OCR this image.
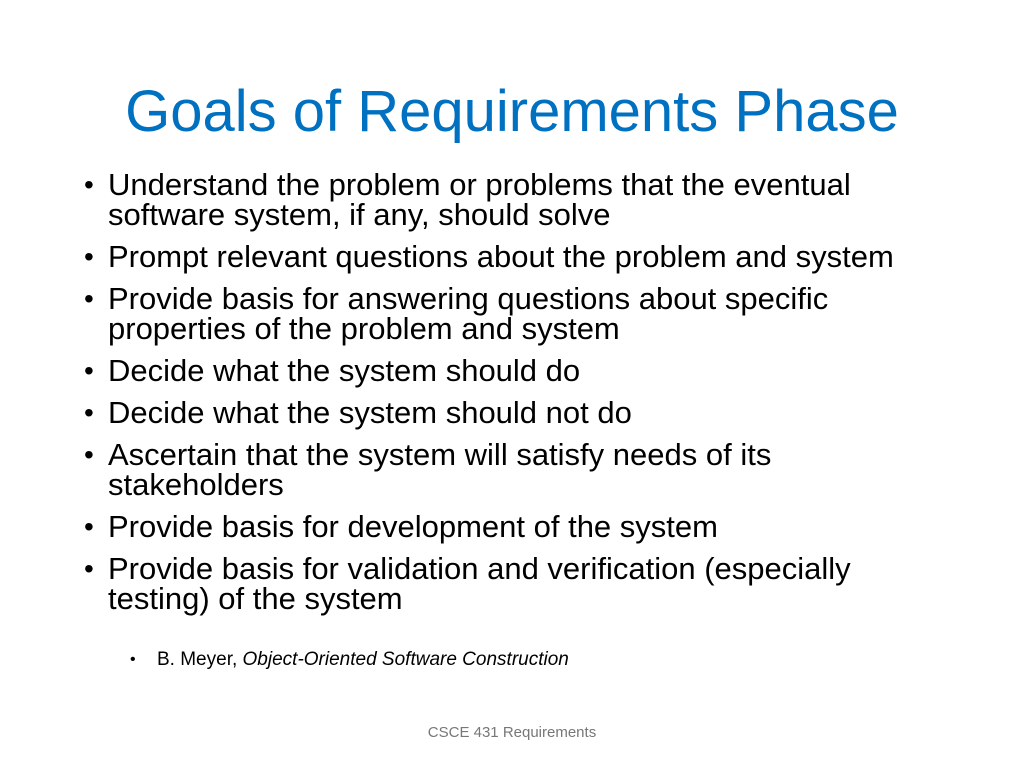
Goals of Requirements Phase
• Understand the problem or problems that the eventual software system, if any, should solve
• Prompt relevant questions about the problem and system
• Provide basis for answering questions about specific properties of the problem and system
• Decide what the system should do
• Decide what the system should not do
• Ascertain that the system will satisfy needs of its stakeholders
• Provide basis for development of the system
• Provide basis for validation and verification (especially testing) of the system
• B. Meyer, Object-Oriented Software Construction
CSCE 431 Requirements
